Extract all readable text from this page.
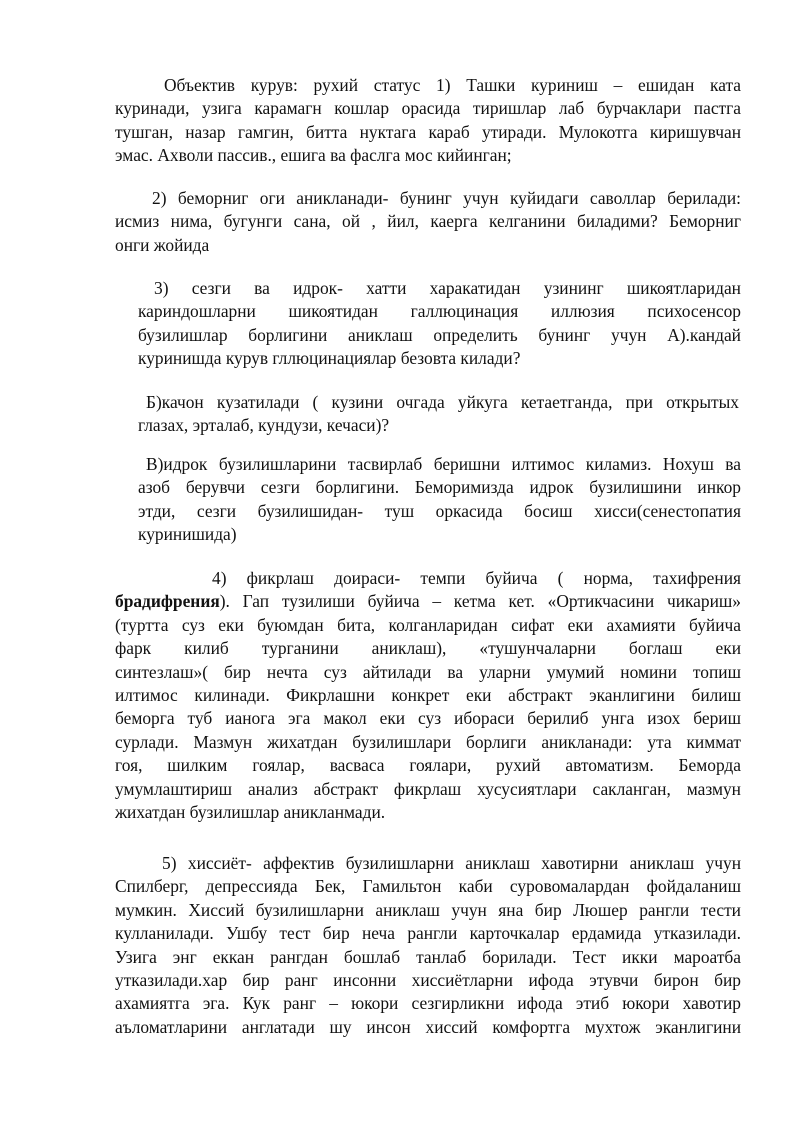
Объектив курув: рухий статус 1) Ташки куриниш – ешидан ката
куринади, узига карамагн кошлар орасида тиришлар лаб бурчаклари пастга
тушган, назар гамгин, битта нуктага караб утиради. Мулокотга киришувчан
эмас. Ахволи пассив., ешига ва фаслга мос кийинган;
2) беморниг оги аникланади- бунинг учун куйидаги саволлар берилади:
исмиз нима, бугунги сана, ой , йил, каерга келганини биладими? Беморниг
онги жойида
3) сезги ва идрок- хатти харакатидан узининг шикоятларидан
кариндошларни шикоятидан галлюцинация иллюзия психосенсор
бузилишлар борлигини аниклаш определить бунинг учун А).кандай
куринишда курув гллюцинациялар безовта килади?
Б)качон кузатилади ( кузини очгада уйкуга кетаетганда, при открытых
глазах, эрталаб, кундузи, кечаси)?
В)идрок бузилишларини тасвирлаб беришни илтимос киламиз. Нохуш ва
азоб берувчи сезги борлигини. Беморимизда идрок бузилишини инкор
этди, сезги бузилишидан- туш оркасида босиш хисси(сенестопатия
куринишида)
4) фикрлаш доираси- темпи буйича ( норма, тахифрения
брадифрения). Гап тузилиши буйича – кетма кет. «Ортикчасини чикариш»
(туртта суз еки буюмдан бита, колганларидан сифат еки ахамияти буйича
фарк килиб турганини аниклаш), «тушунчаларни боглаш еки
синтезлаш»( бир нечта суз айтилади ва уларни умумий номини топиш
илтимос килинади. Фикрлашни конкрет еки абстракт эканлигини билиш
беморга туб ианога эга макол еки суз ибораси берилиб унга изох бериш
сурлади. Мазмун жихатдан бузилишлари борлиги аникланади: ута киммат
гоя, шилким гоялар, васваса гоялари, рухий автоматизм. Беморда
умумлаштириш анализ абстракт фикрлаш хусусиятлари сакланган, мазмун
жихатдан бузилишлар аникланмади.
5) хиссиёт- аффектив бузилишларни аниклаш хавотирни аниклаш учун
Спилберг, депрессияда Бек, Гамильтон каби суровомалардан фойдаланиш
мумкин. Хиссий бузилишларни аниклаш учун яна бир Люшер рангли тести
кулланилади. Ушбу тест бир неча рангли карточкалар ердамида утказилади.
Узига энг еккан рангдан бошлаб танлаб борилади. Тест икки мароатба
утказилади.хар бир ранг инсонни хиссиётларни ифода этувчи бирон бир
ахамиятга эга. Кук ранг – юкори сезгирликни ифода этиб юкори хавотир
аъломатларини англатади шу инсон хиссий комфортга мухтож эканлигини
